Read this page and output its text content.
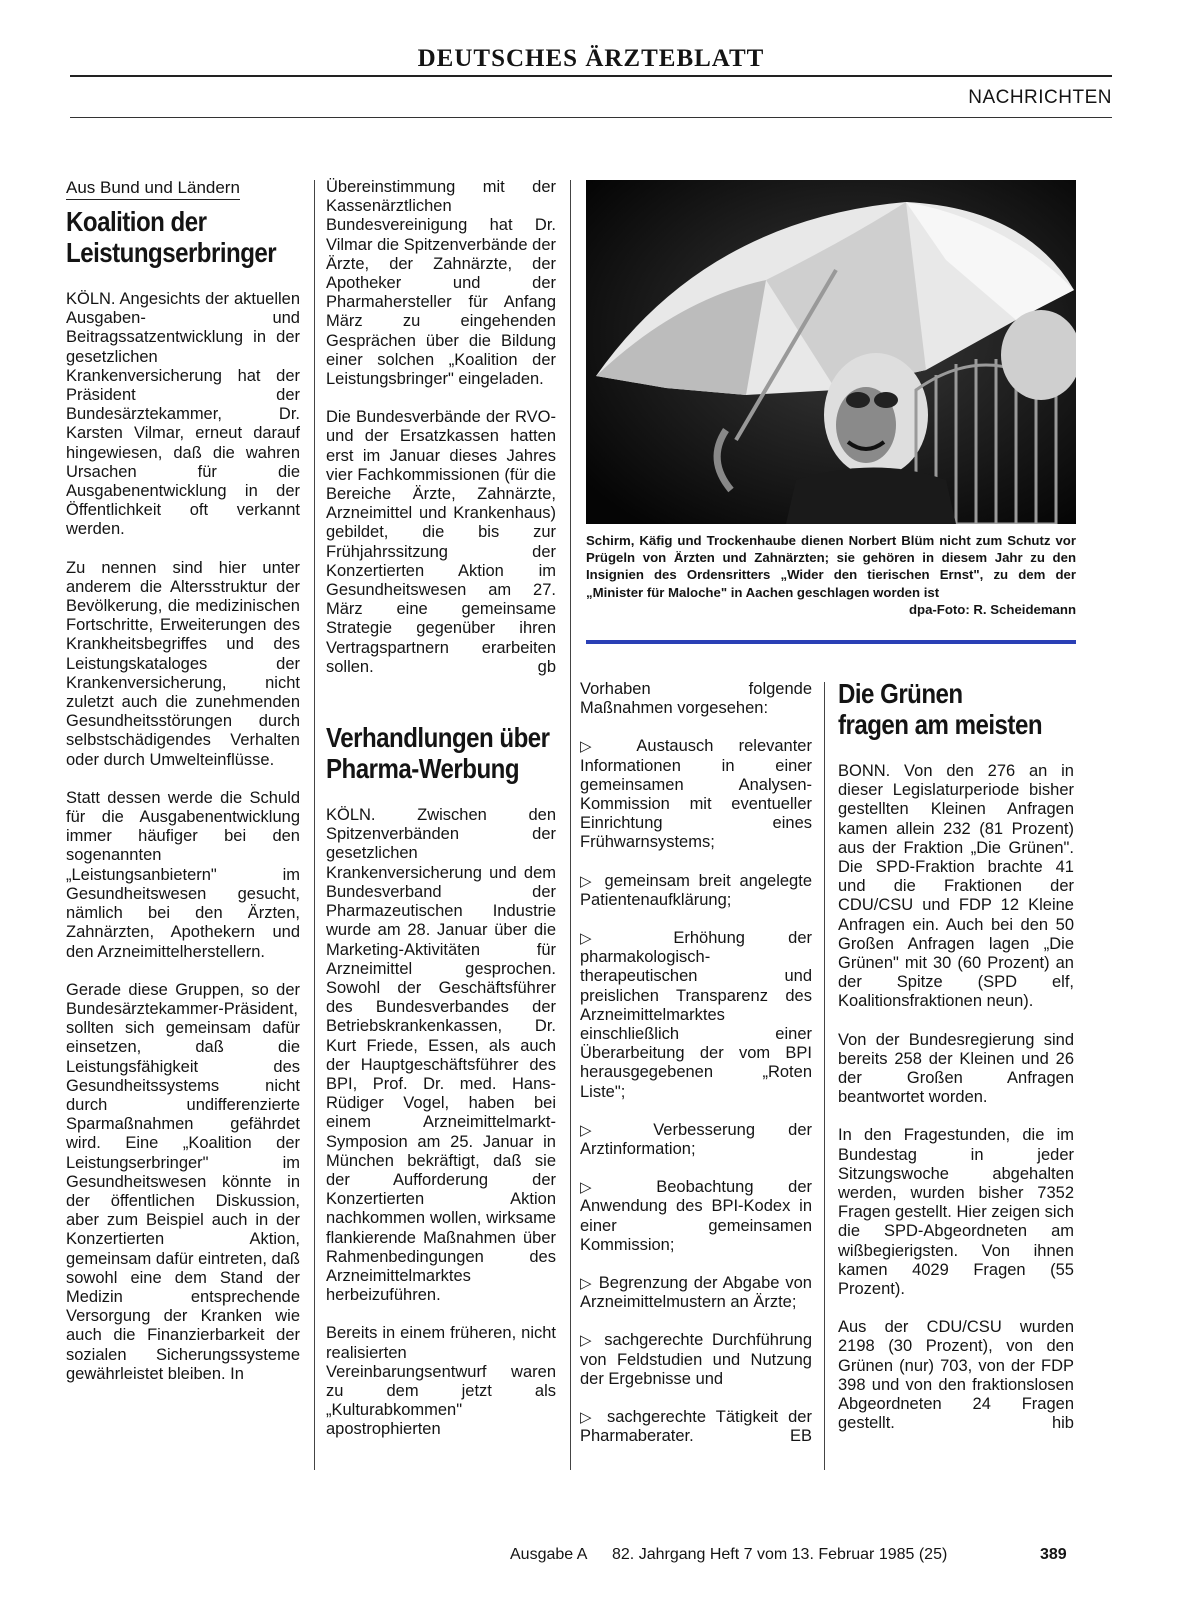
DEUTSCHES ÄRZTEBLATT
NACHRICHTEN
Aus Bund und Ländern
Koalition der
Leistungserbringer

KÖLN. Angesichts der aktuellen Ausgaben- und Beitragssatzentwicklung in der gesetzlichen Krankenversicherung hat der Präsident der Bundesärztekammer, Dr. Karsten Vilmar, erneut darauf hingewiesen, daß die wahren Ursachen für die Ausgabenentwicklung in der Öffentlichkeit oft verkannt werden.

Zu nennen sind hier unter anderem die Altersstruktur der Bevölkerung, die medizinischen Fortschritte, Erweiterungen des Krankheitsbegriffes und des Leistungskataloges der Krankenversicherung, nicht zuletzt auch die zunehmenden Gesundheitsstörungen durch selbstschädigendes Verhalten oder durch Umwelteinflüsse.

Statt dessen werde die Schuld für die Ausgabenentwicklung immer häufiger bei den sogenannten „Leistungsanbietern" im Gesundheitswesen gesucht, nämlich bei den Ärzten, Zahnärzten, Apothekern und den Arzneimittelherstellern.

Gerade diese Gruppen, so der Bundesärztekammer-Präsident, sollten sich gemeinsam dafür einsetzen, daß die Leistungsfähigkeit des Gesundheitssystems nicht durch undifferenzierte Sparmaßnahmen gefährdet wird. Eine „Koalition der Leistungserbringer" im Gesundheitswesen könnte in der öffentlichen Diskussion, aber zum Beispiel auch in der Konzertierten Aktion, gemeinsam dafür eintreten, daß sowohl eine dem Stand der Medizin entsprechende Versorgung der Kranken wie auch die Finanzierbarkeit der sozialen Sicherungssysteme gewährleistet bleiben. In

Übereinstimmung mit der Kassenärztlichen Bundesvereinigung hat Dr. Vilmar die Spitzenverbände der Ärzte, der Zahnärzte, der Apotheker und der Pharmahersteller für Anfang März zu eingehenden Gesprächen über die Bildung einer solchen „Koalition der Leistungsbringer" eingeladen.

Die Bundesverbände der RVO- und der Ersatzkassen hatten erst im Januar dieses Jahres vier Fachkommissionen (für die Bereiche Ärzte, Zahnärzte, Arzneimittel und Krankenhaus) gebildet, die bis zur Frühjahrssitzung der Konzertierten Aktion im Gesundheitswesen am 27. März eine gemeinsame Strategie gegenüber ihren Vertragspartnern erarbeiten sollen.	gb

Verhandlungen über
Pharma-Werbung

KÖLN. Zwischen den Spitzenverbänden der gesetzlichen Krankenversicherung und dem Bundesverband der Pharmazeutischen Industrie wurde am 28. Januar über die Marketing-Aktivitäten für Arzneimittel gesprochen. Sowohl der Geschäftsführer des Bundesverbandes der Betriebskrankenkassen, Dr. Kurt Friede, Essen, als auch der Hauptgeschäftsführer des BPI, Prof. Dr. med. Hans-Rüdiger Vogel, haben bei einem Arzneimittelmarkt-Symposion am 25. Januar in München bekräftigt, daß sie der Aufforderung der Konzertierten Aktion nachkommen wollen, wirksame flankierende Maßnahmen über Rahmenbedingungen des Arzneimittelmarktes herbeizuführen.

Bereits in einem früheren, nicht realisierten Vereinbarungsentwurf waren zu dem jetzt als „Kulturabkommen" apostrophierten

Schirm, Käfig und Trockenhaube dienen Norbert Blüm nicht zum Schutz vor Prügeln von Ärzten und Zahnärzten; sie gehören in diesem Jahr zu den Insignien des Ordensritters „Wider den tierischen Ernst", zu dem der „Minister für Maloche" in Aachen geschlagen worden ist
dpa-Foto: R. Scheidemann

Vorhaben folgende Maßnahmen vorgesehen:

▷ Austausch relevanter Informationen in einer gemeinsamen Analysen-Kommission mit eventueller Einrichtung eines Frühwarnsystems;

▷ gemeinsam breit angelegte Patientenaufklärung;

▷	Erhöhung der pharmakologisch-therapeutischen und preislichen Transparenz des Arzneimittelmarktes einschließlich einer Überarbeitung der vom BPI herausgegebenen „Roten Liste";

▷ Verbesserung der Arztinformation;

▷ Beobachtung der Anwendung des BPI-Kodex in einer gemeinsamen Kommission;

▷ Begrenzung der Abgabe von Arzneimittelmustern an Ärzte;

▷ sachgerechte Durchführung von Feldstudien und Nutzung der Ergebnisse und

▷ sachgerechte Tätigkeit der Pharmaberater.	EB

Die Grünen
fragen am meisten

BONN. Von den 276 an in dieser Legislaturperiode bisher gestellten Kleinen Anfragen kamen allein 232 (81 Prozent) aus der Fraktion „Die Grünen". Die SPD-Fraktion brachte 41 und die Fraktionen der CDU/CSU und FDP 12 Kleine Anfragen ein. Auch bei den 50 Großen Anfragen lagen „Die Grünen" mit 30 (60 Prozent) an der Spitze (SPD elf, Koalitionsfraktionen neun).

Von der Bundesregierung sind bereits 258 der Kleinen und 26 der Großen Anfragen beantwortet worden.

In den Fragestunden, die im Bundestag in jeder Sitzungswoche abgehalten werden, wurden bisher 7352 Fragen gestellt. Hier zeigen sich die SPD-Abgeordneten am wißbegierigsten. Von ihnen kamen 4029 Fragen (55 Prozent).

Aus der CDU/CSU wurden 2198 (30 Prozent), von den Grünen (nur) 703, von der FDP 398 und von den fraktionslosen Abgeordneten 24 Fragen gestellt.	hib

Ausgabe A 82. Jahrgang Heft 7 vom 13. Februar 1985 (25)	389
